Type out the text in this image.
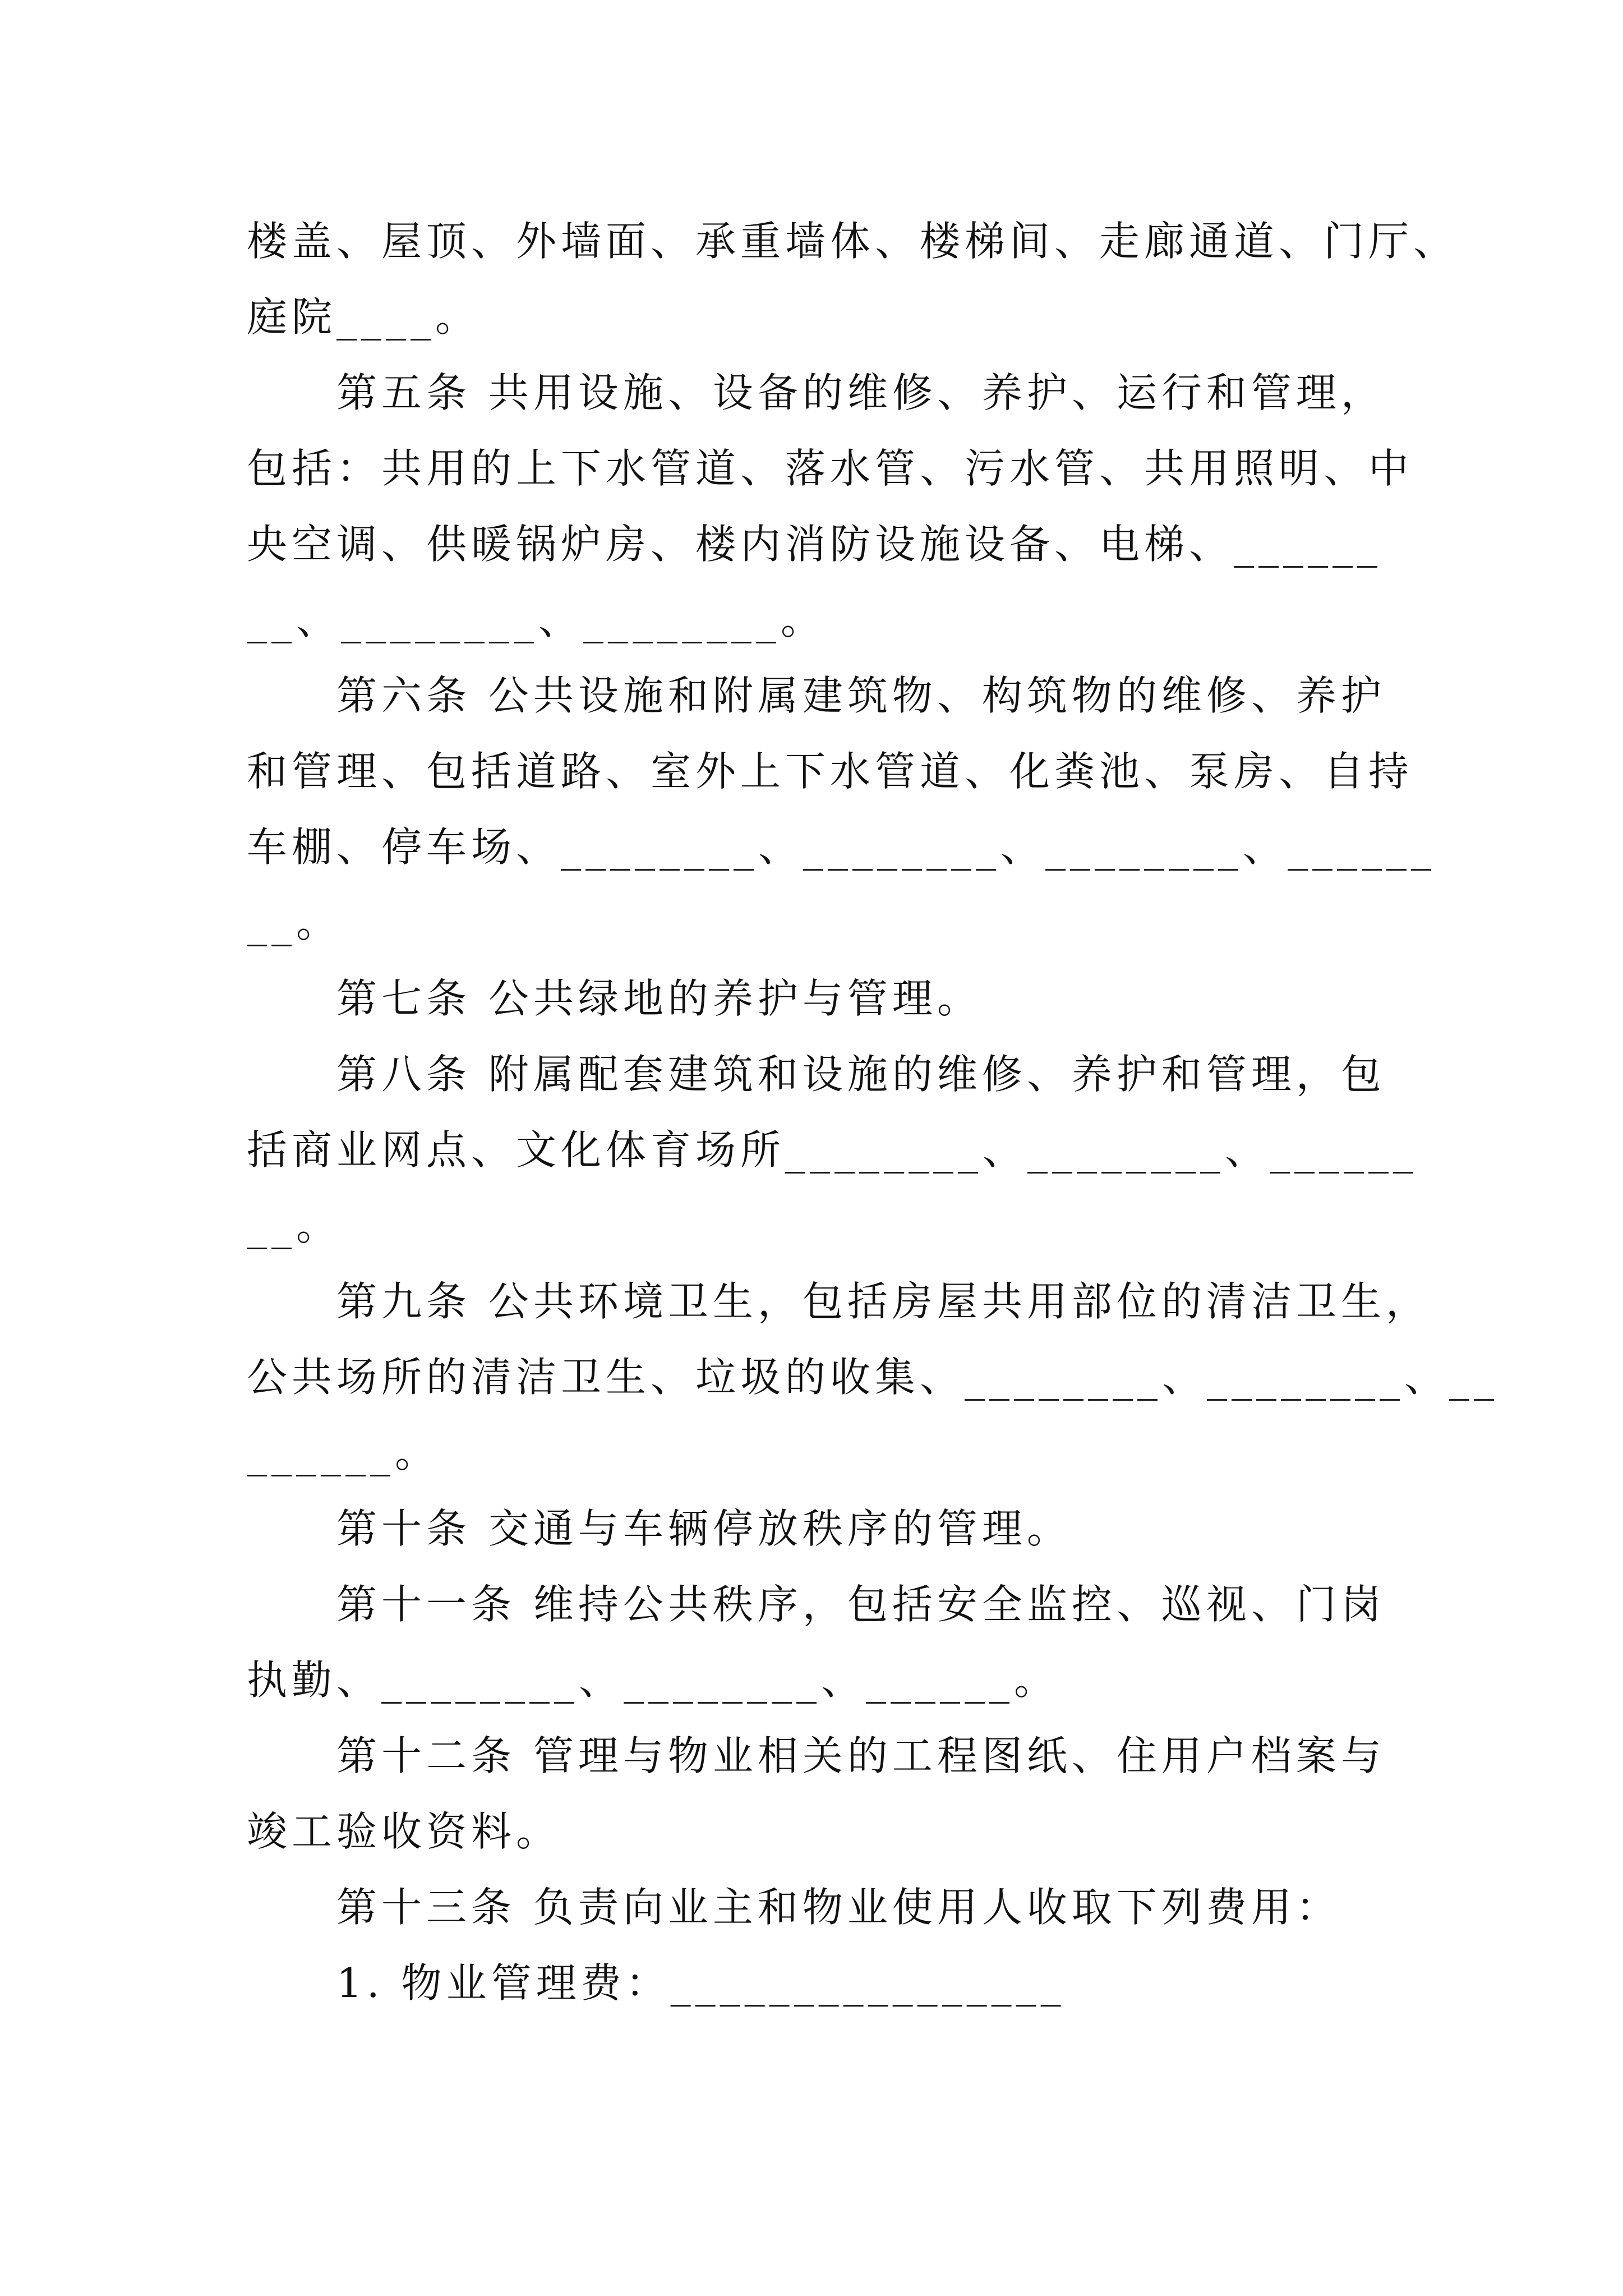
楼盖、屋顶、外墙面、承重墙体、楼梯间、走廊通道、门厅、
庭院____。
第五条 共用设施、设备的维修、养护、运行和管理，
包括：共用的上下水管道、落水管、污水管、共用照明、中
央空调、供暖锅炉房、楼内消防设施设备、电梯、______
__、________、________。
第六条 公共设施和附属建筑物、构筑物的维修、养护
和管理、包括道路、室外上下水管道、化粪池、泵房、自持
车棚、停车场、________、________、________、______
__。
第七条 公共绿地的养护与管理。
第八条 附属配套建筑和设施的维修、养护和管理，包
括商业网点、文化体育场所________、________、______
__。
第九条 公共环境卫生，包括房屋共用部位的清洁卫生，
公共场所的清洁卫生、垃圾的收集、________、________、__
______。
第十条 交通与车辆停放秩序的管理。
第十一条 维持公共秩序，包括安全监控、巡视、门岗
执勤、________、________、______。
第十二条 管理与物业相关的工程图纸、住用户档案与
竣工验收资料。
第十三条 负责向业主和物业使用人收取下列费用：
1. 物业管理费：________________
